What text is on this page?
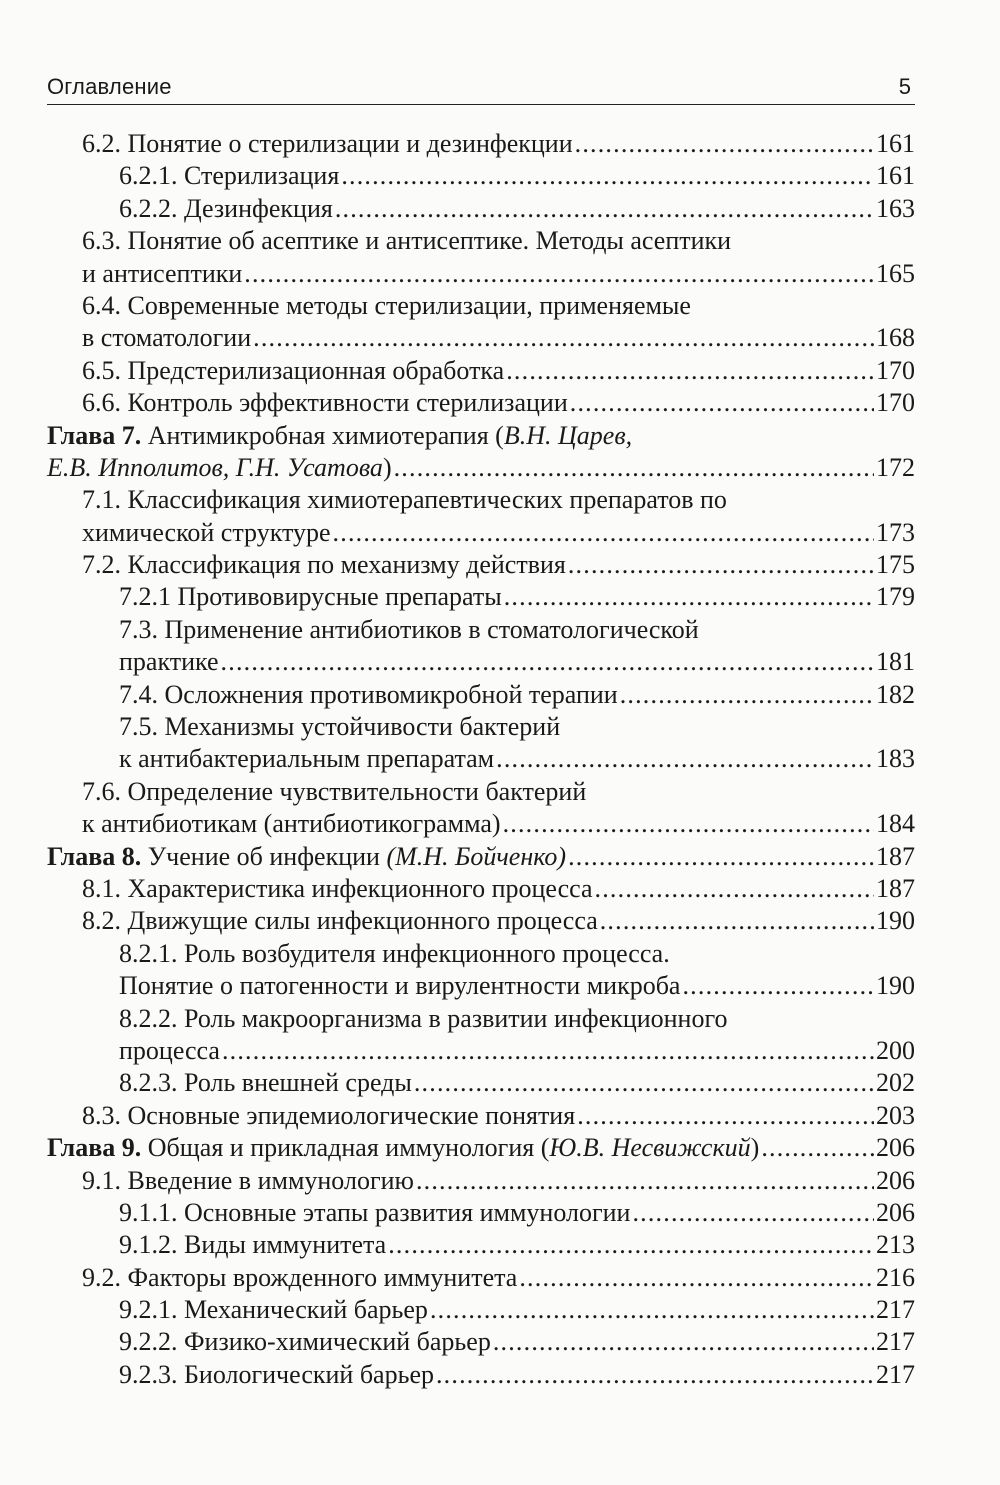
Оглавление	5
6.2. Понятие о стерилизации и дезинфекции .....	161
6.2.1. Стерилизация .....	161
6.2.2. Дезинфекция .....	163
6.3. Понятие об асептике и антисептике. Методы асептики
и антисептики .....	165
6.4. Современные методы стерилизации, применяемые
в стоматологии .....	168
6.5. Предстерилизационная обработка .....	170
6.6. Контроль эффективности стерилизации .....	170
Глава 7. Антимикробная химиотерапия (В.Н. Царев,
Е.В. Ипполитов, Г.Н. Усатова) .....	172
7.1. Классификация химиотерапевтических препаратов по
химической структуре .....	173
7.2. Классификация по механизму действия .....	175
7.2.1 Противовирусные препараты .....	179
7.3. Применение антибиотиков в стоматологической
практике .....	181
7.4. Осложнения противомикробной терапии .....	182
7.5. Механизмы устойчивости бактерий
к антибактериальным препаратам .....	183
7.6. Определение чувствительности бактерий
к антибиотикам (антибиотикограмма) .....	184
Глава 8. Учение об инфекции (М.Н. Бойченко) .....	187
8.1. Характеристика инфекционного процесса .....	187
8.2. Движущие силы инфекционного процесса .....	190
8.2.1. Роль возбудителя инфекционного процесса.
Понятие о патогенности и вирулентности микроба .....	190
8.2.2. Роль макроорганизма в развитии инфекционного
процесса .....	200
8.2.3. Роль внешней среды .....	202
8.3. Основные эпидемиологические понятия .....	203
Глава 9. Общая и прикладная иммунология (Ю.В. Несвижский) .....	206
9.1. Введение в иммунологию .....	206
9.1.1. Основные этапы развития иммунологии .....	206
9.1.2. Виды иммунитета .....	213
9.2. Факторы врожденного иммунитета .....	216
9.2.1. Механический барьер .....	217
9.2.2. Физико-химический барьер .....	217
9.2.3. Биологический барьер .....	217
